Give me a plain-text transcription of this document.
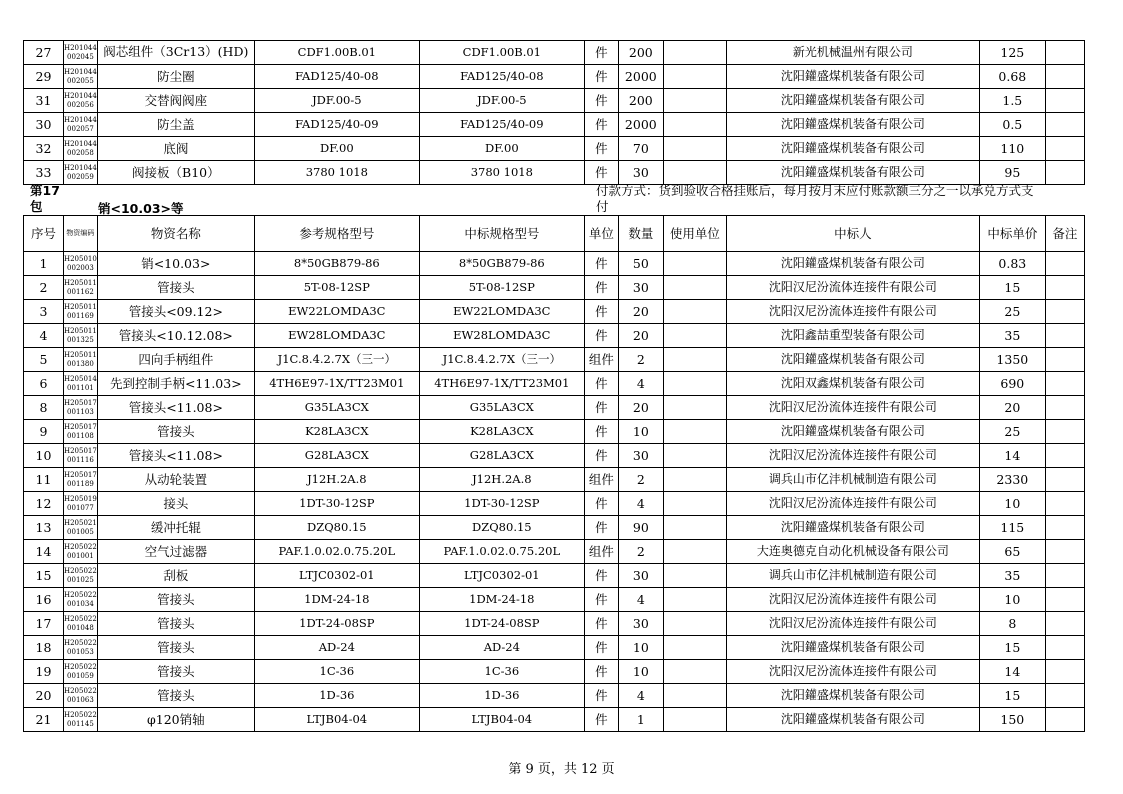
27	H201044 002045	阀芯组件（3Cr13）(HD)	CDF1.00B.01	CDF1.00B.01	件	200		新光机械温州有限公司	125	
29	H201044 002055	防尘圈	FAD125/40-08	FAD125/40-08	件	2000		沈阳鑵盛煤机装备有限公司	0.68	
31	H201044 002056	交替阀阀座	JDF.00-5	JDF.00-5	件	200		沈阳鑵盛煤机装备有限公司	1.5	
30	H201044 002057	防尘盖	FAD125/40-09	FAD125/40-09	件	2000		沈阳鑵盛煤机装备有限公司	0.5	
32	H201044 002058	底阀	DF.00	DF.00	件	70		沈阳鑵盛煤机装备有限公司	110	
33	H201044 002059	阀接板（B10）	3780 1018	3780 1018	件	30		沈阳鑵盛煤机装备有限公司	95	
第17
包	销<10.03>等
付款方式：货到验收合格挂账后，每月按月末应付账款额三分之一以承兑方式支付
序号	物资编码	物资名称	参考规格型号	中标规格型号	单位	数量	使用单位	中标人	中标单价	备注
1	H205010 002003	销<10.03>	8*50GB879-86	8*50GB879-86	件	50		沈阳鑵盛煤机装备有限公司	0.83	
2	H205011 001162	管接头	5T-08-12SP	5T-08-12SP	件	30		沈阳汉尼汾流体连接件有限公司	15	
3	H205011 001169	管接头<09.12>	EW22LOMDA3C	EW22LOMDA3C	件	20		沈阳汉尼汾流体连接件有限公司	25	
4	H205011 001325	管接头<10.12.08>	EW28LOMDA3C	EW28LOMDA3C	件	20		沈阳鑫喆重型装备有限公司	35	
5	H205011 001380	四向手柄组件	J1C.8.4.2.7X（三一）	J1C.8.4.2.7X（三一）	组件	2		沈阳鑵盛煤机装备有限公司	1350	
6	H205014 001101	先到控制手柄<11.03>	4TH6E97-1X/TT23M01	4TH6E97-1X/TT23M01	件	4		沈阳双鑫煤机装备有限公司	690	
8	H205017 001103	管接头<11.08>	G35LA3CX	G35LA3CX	件	20		沈阳汉尼汾流体连接件有限公司	20	
9	H205017 001108	管接头	K28LA3CX	K28LA3CX	件	10		沈阳鑵盛煤机装备有限公司	25	
10	H205017 001116	管接头<11.08>	G28LA3CX	G28LA3CX	件	30		沈阳汉尼汾流体连接件有限公司	14	
11	H205017 001189	从动轮装置	J12H.2A.8	J12H.2A.8	组件	2		调兵山市亿沣机械制造有限公司	2330	
12	H205019 001077	接头	1DT-30-12SP	1DT-30-12SP	件	4		沈阳汉尼汾流体连接件有限公司	10	
13	H205021 001005	缓冲托辊	DZQ80.15	DZQ80.15	件	90		沈阳鑵盛煤机装备有限公司	115	
14	H205022 001001	空气过滤器	PAF.1.0.02.0.75.20L	PAF.1.0.02.0.75.20L	组件	2		大连奥德克自动化机械设备有限公司	65	
15	H205022 001025	刮板	LTJC0302-01	LTJC0302-01	件	30		调兵山市亿沣机械制造有限公司	35	
16	H205022 001034	管接头	1DM-24-18	1DM-24-18	件	4		沈阳汉尼汾流体连接件有限公司	10	
17	H205022 001048	管接头	1DT-24-08SP	1DT-24-08SP	件	30		沈阳汉尼汾流体连接件有限公司	8	
18	H205022 001053	管接头	AD-24	AD-24	件	10		沈阳鑵盛煤机装备有限公司	15	
19	H205022 001059	管接头	1C-36	1C-36	件	10		沈阳汉尼汾流体连接件有限公司	14	
20	H205022 001063	管接头	1D-36	1D-36	件	4		沈阳鑵盛煤机装备有限公司	15	
21	H205022 001145	φ120销轴	LTJB04-04	LTJB04-04	件	1		沈阳鑵盛煤机装备有限公司	150	
第 9 页，共 12 页
